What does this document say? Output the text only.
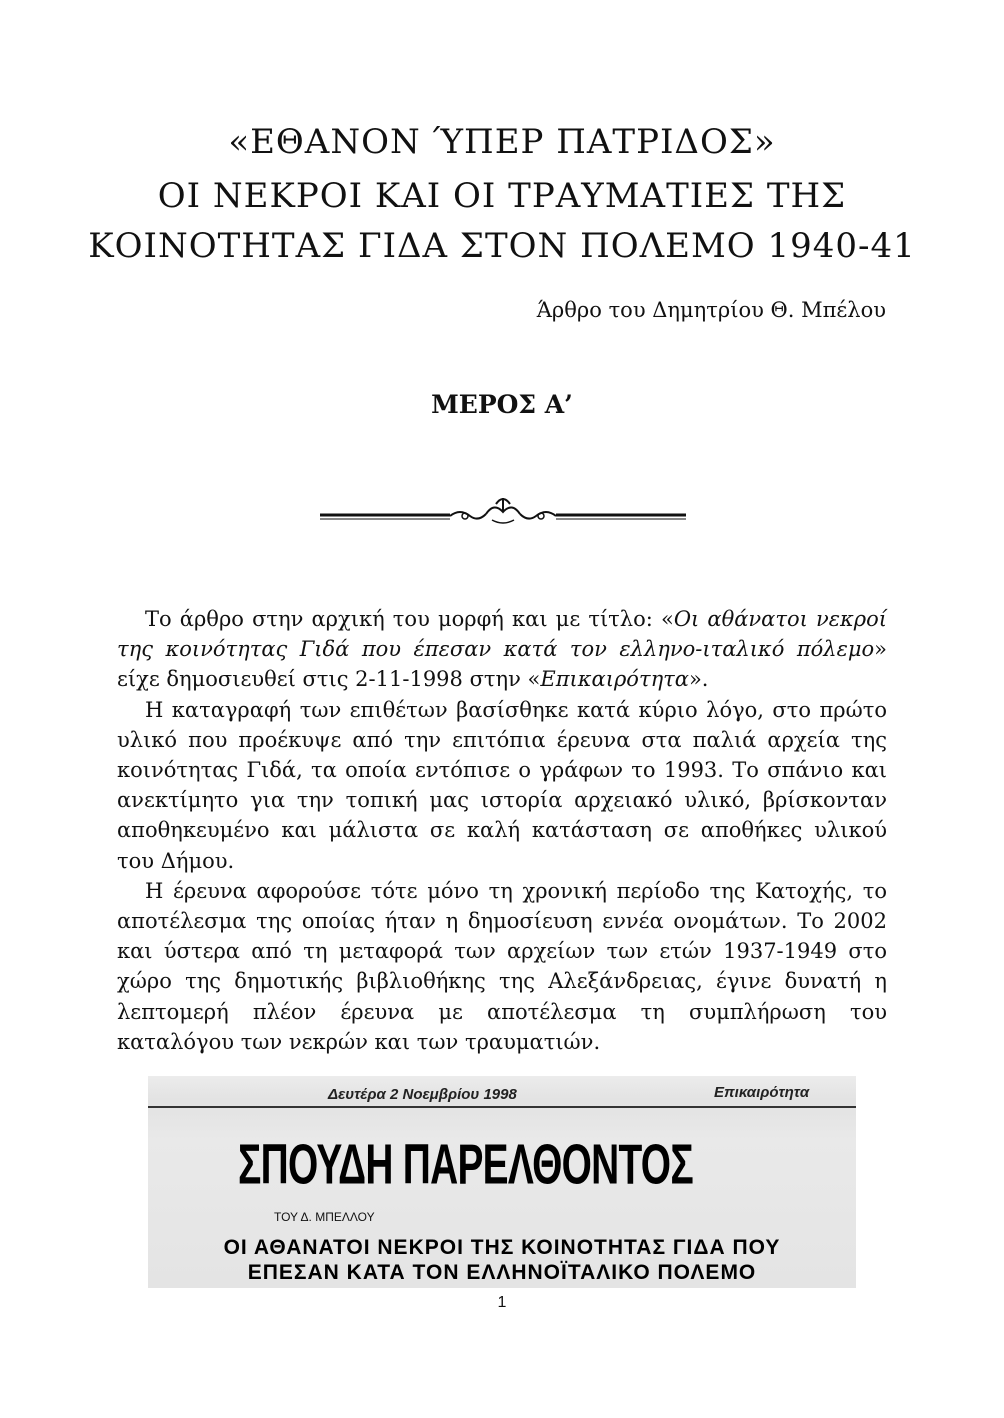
«ΕΘΑΝΟΝ ΎΠΕΡ ΠΑΤΡΙΔΟΣ»
ΟΙ ΝΕΚΡΟΙ ΚΑΙ ΟΙ ΤΡΑΥΜΑΤΙΕΣ ΤΗΣ
ΚΟΙΝΟΤΗΤΑΣ ΓΙΔΑ ΣΤΟΝ ΠΟΛΕΜΟ 1940-41
Άρθρο του Δημητρίου Θ. Μπέλου
ΜΕΡΟΣ Α’

Το άρθρο στην αρχική του μορφή και με τίτλο: «Οι αθάνατοι νεκροί της κοινότητας Γιδά που έπεσαν κατά τον ελληνο-ιταλικό πόλεμο» είχε δημοσιευθεί στις 2-11-1998 στην «Επικαιρότητα».

Η καταγραφή των επιθέτων βασίσθηκε κατά κύριο λόγο, στο πρώτο υλικό που προέκυψε από την επιτόπια έρευνα στα παλιά αρχεία της κοινότητας Γιδά, τα οποία εντόπισε ο γράφων το 1993. Το σπάνιο και ανεκτίμητο για την τοπική μας ιστορία αρχειακό υλικό, βρίσκονταν αποθηκευμένο και μάλιστα σε καλή κατάσταση σε αποθήκες υλικού του Δήμου.

Η έρευνα αφορούσε τότε μόνο τη χρονική περίοδο της Κατοχής, το αποτέλεσμα της οποίας ήταν η δημοσίευση εννέα ονομάτων. Το 2002 και ύστερα από τη μεταφορά των αρχείων των ετών 1937-1949 στο χώρο της δημοτικής βιβλιοθήκης της Αλεξάνδρειας, έγινε δυνατή η λεπτομερή πλέον έρευνα με αποτέλεσμα τη συμπλήρωση του καταλόγου των νεκρών και των τραυματιών.

Δευτέρα 2 Νοεμβρίου 1998	Επικαιρότητα
ΣΠΟΥΔΗ ΠΑΡΕΛΘΟΝΤΟΣ
ΤΟΥ Δ. ΜΠΕΛΛΟΥ
ΟΙ ΑΘΑΝΑΤΟΙ ΝΕΚΡΟΙ ΤΗΣ ΚΟΙΝΟΤΗΤΑΣ ΓΙΔΑ ΠΟΥ
ΕΠΕΣΑΝ ΚΑΤΑ ΤΟΝ ΕΛΛΗΝΟΪΤΑΛΙΚΟ ΠΟΛΕΜΟ
1
